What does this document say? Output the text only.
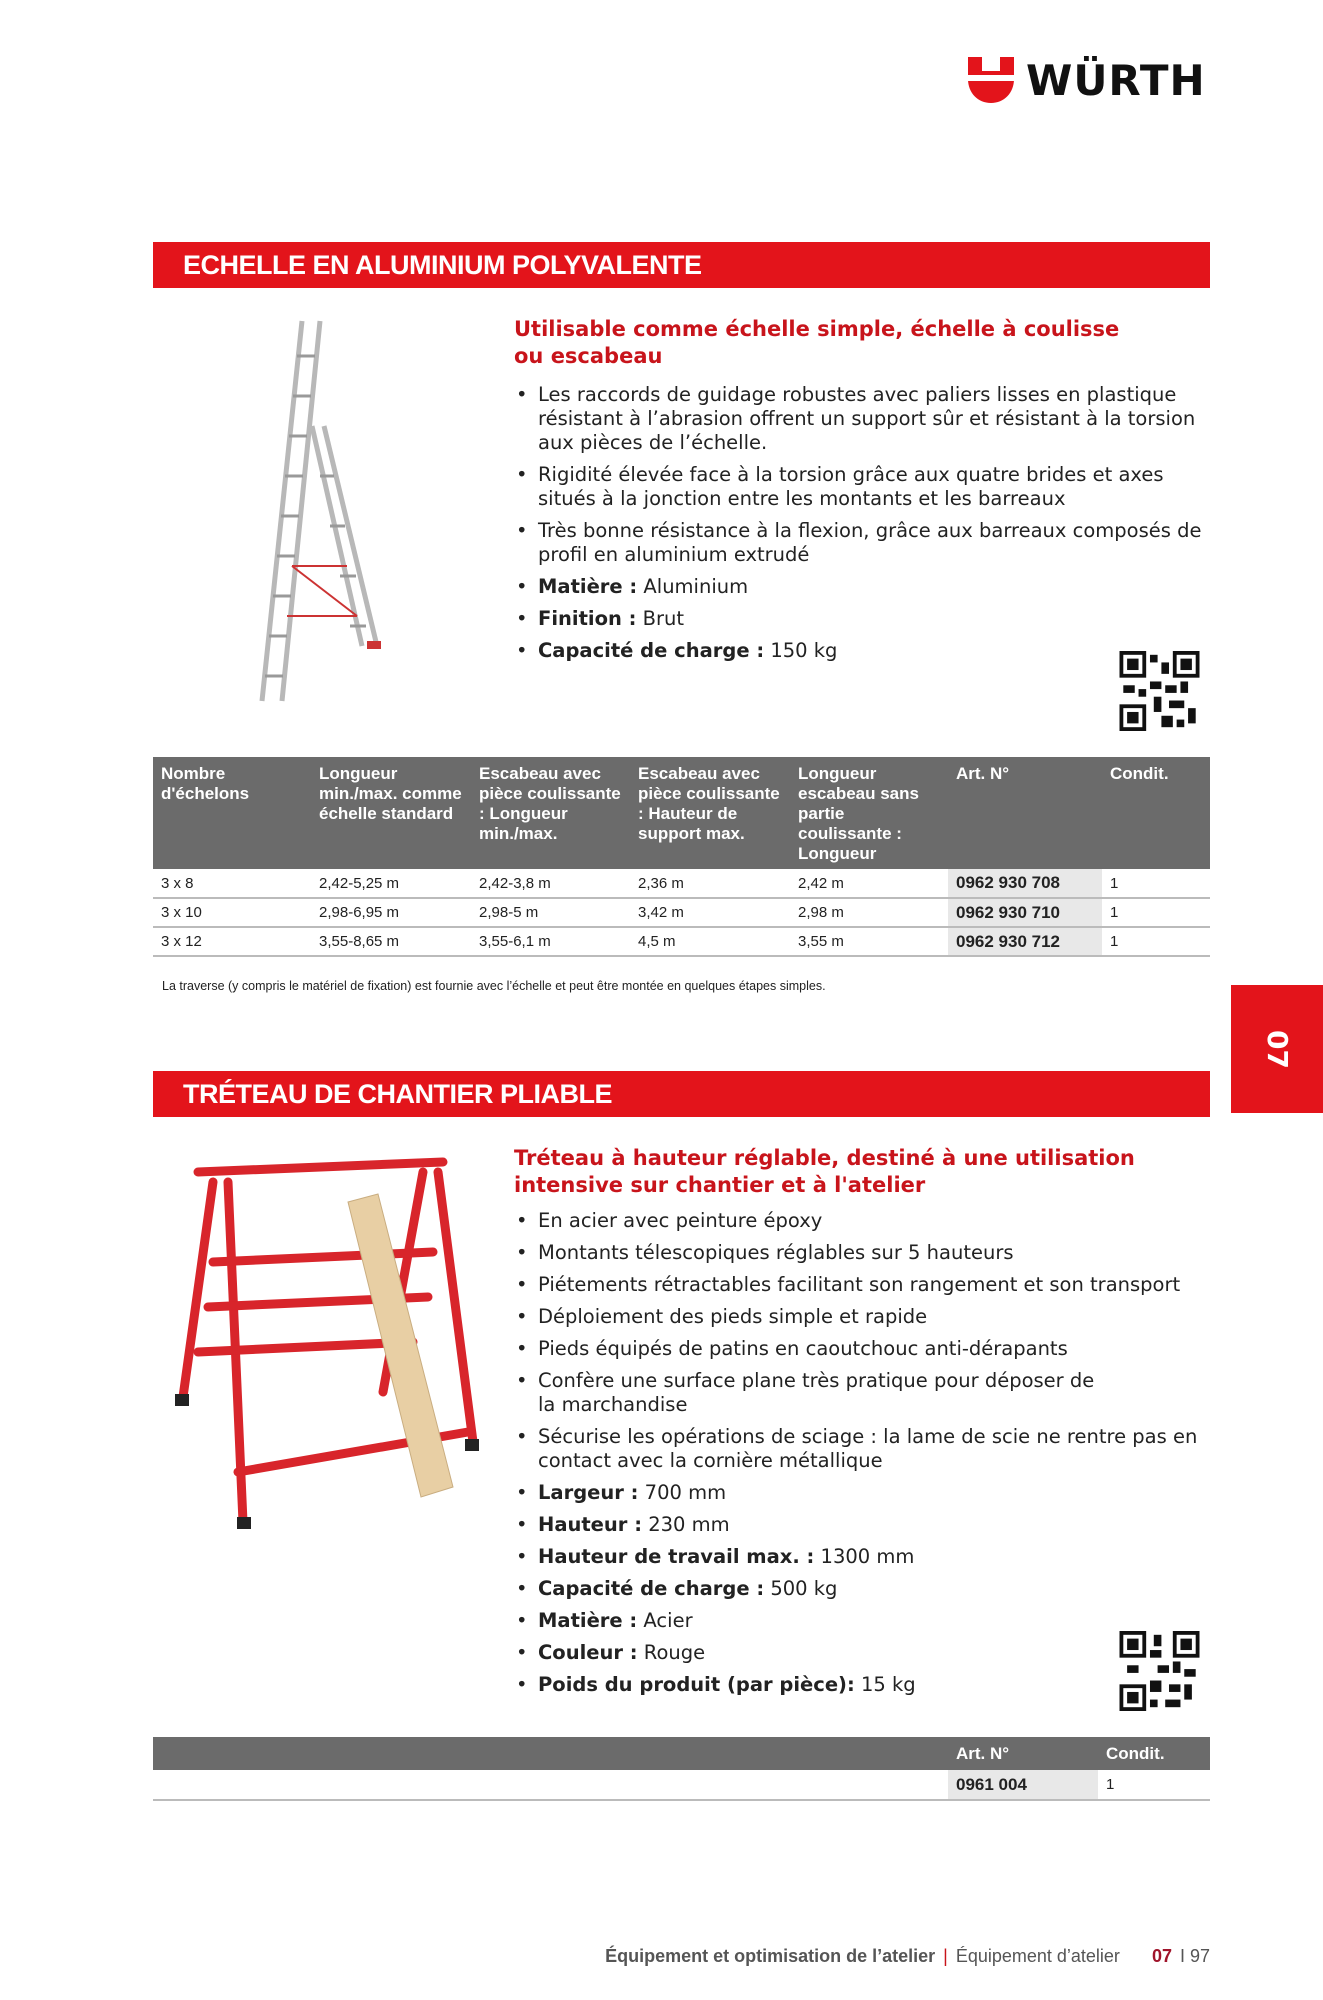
WÜRTH
ECHELLE EN ALUMINIUM POLYVALENTE
Utilisable comme échelle simple, échelle à coulisse ou escabeau
• Les raccords de guidage robustes avec paliers lisses en plastique résistant à l’abrasion offrent un support sûr et résistant à la torsion aux pièces de l’échelle.
• Rigidité élevée face à la torsion grâce aux quatre brides et axes situés à la jonction entre les montants et les barreaux
• Très bonne résistance à la flexion, grâce aux barreaux composés de profil en aluminium extrudé
• Matière : Aluminium
• Finition : Brut
• Capacité de charge : 150 kg
Nombre d'échelons	Longueur min./max. comme échelle standard	Escabeau avec pièce coulissante : Longueur min./max.	Escabeau avec pièce coulissante : Hauteur de support max.	Longueur escabeau sans partie coulissante : Longueur	Art. N°	Condit.
3 x 8	2,42-5,25 m	2,42-3,8 m	2,36 m	2,42 m	0962 930 708	1
3 x 10	2,98-6,95 m	2,98-5 m	3,42 m	2,98 m	0962 930 710	1
3 x 12	3,55-8,65 m	3,55-6,1 m	4,5 m	3,55 m	0962 930 712	1
La traverse (y compris le matériel de fixation) est fournie avec l’échelle et peut être montée en quelques étapes simples.
07
TRÉTEAU DE CHANTIER PLIABLE
Tréteau à hauteur réglable, destiné à une utilisation intensive sur chantier et à l'atelier
• En acier avec peinture époxy
• Montants télescopiques réglables sur 5 hauteurs
• Piétements rétractables facilitant son rangement et son transport
• Déploiement des pieds simple et rapide
• Pieds équipés de patins en caoutchouc anti-dérapants
• Confère une surface plane très pratique pour déposer de la marchandise
• Sécurise les opérations de sciage : la lame de scie ne rentre pas en contact avec la cornière métallique
• Largeur : 700 mm
• Hauteur : 230 mm
• Hauteur de travail max. : 1300 mm
• Capacité de charge : 500 kg
• Matière : Acier
• Couleur : Rouge
• Poids du produit (par pièce): 15 kg
	Art. N°	Condit.
	0961 004	1
Équipement et optimisation de l’atelier | Équipement d’atelier 07 I 97
